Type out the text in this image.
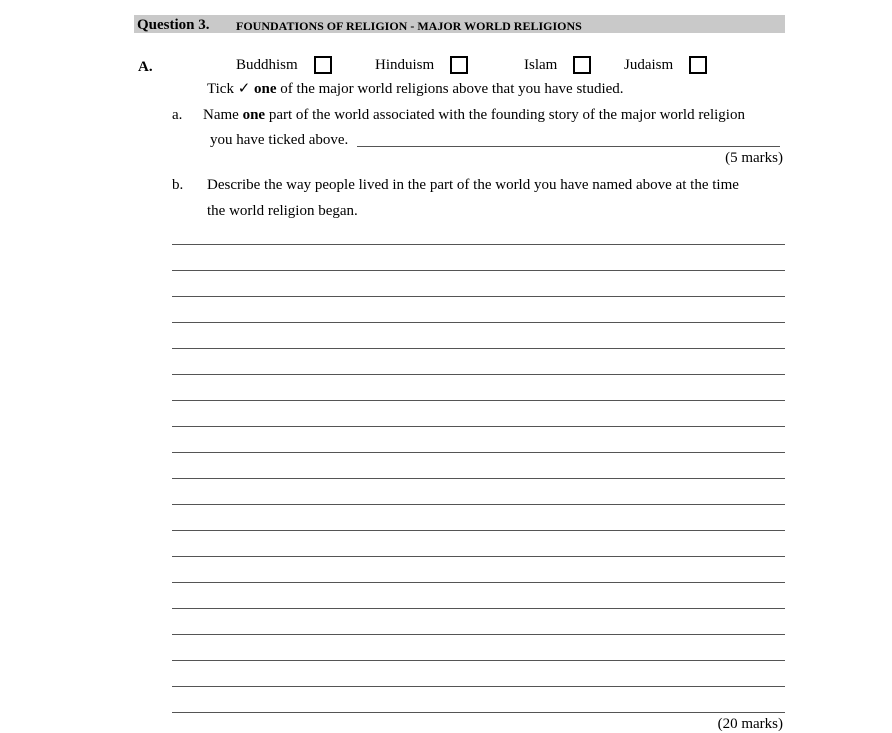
Question 3. FOUNDATIONS OF RELIGION - MAJOR WORLD RELIGIONS
A.	Buddhism	Hinduism	Islam	Judaism
Tick ✓ one of the major world religions above that you have studied.
a. Name one part of the world associated with the founding story of the major world religion
you have ticked above.
(5 marks)
b. Describe the way people lived in the part of the world you have named above at the time
the world religion began.
(20 marks)
